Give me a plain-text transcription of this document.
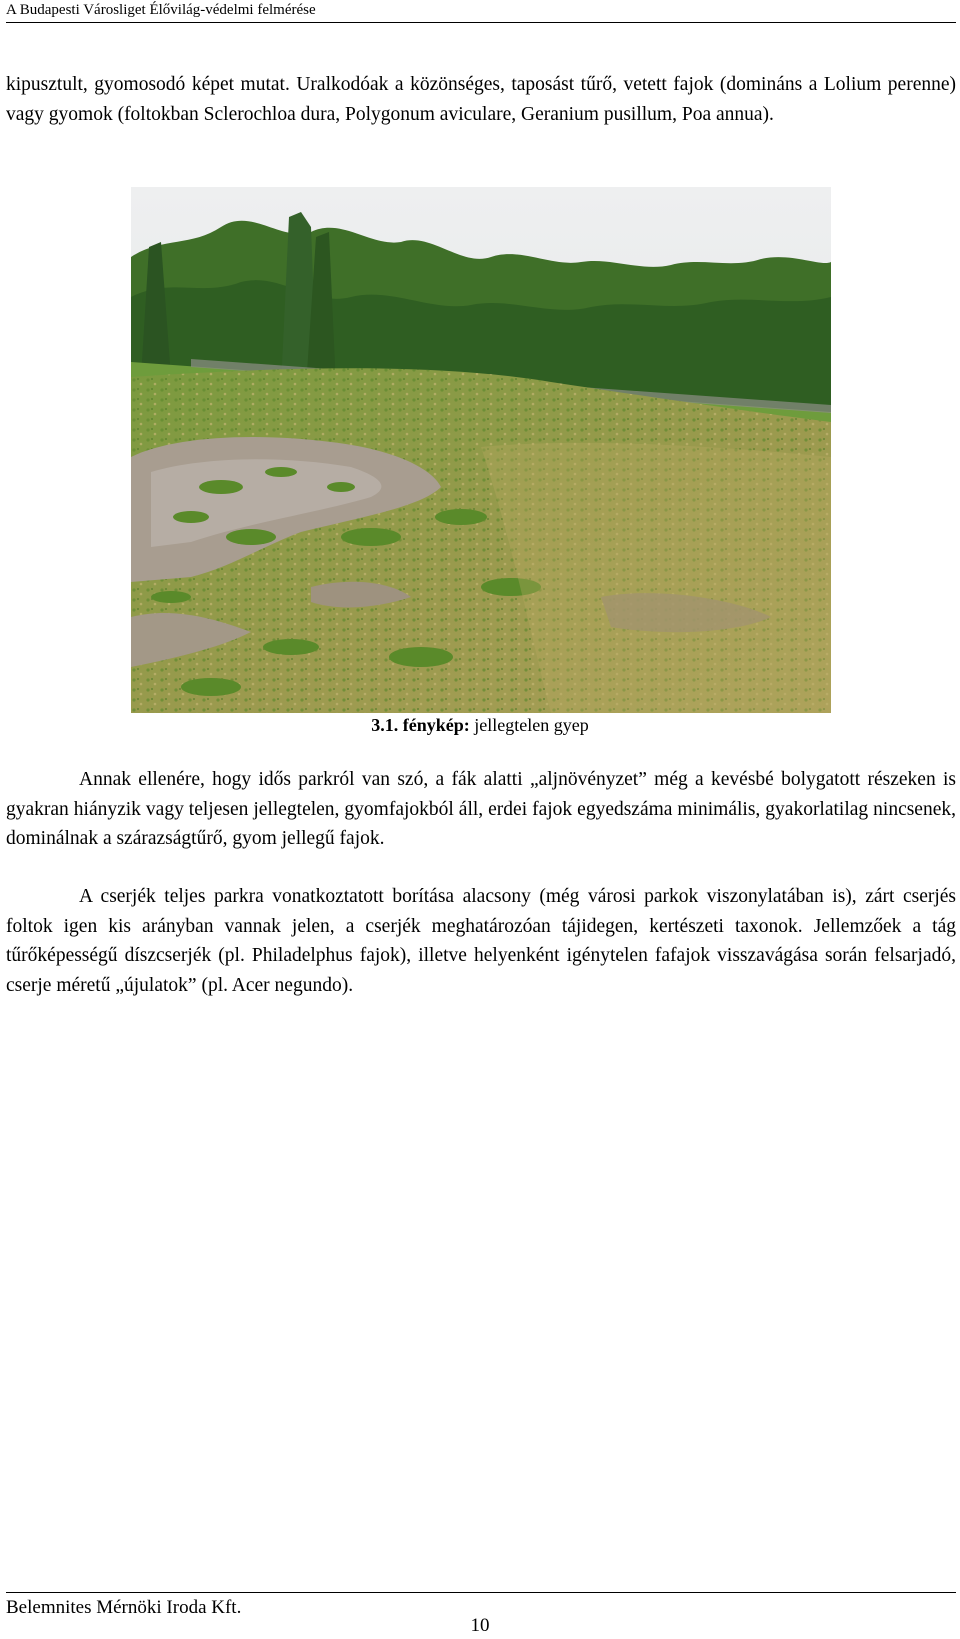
A Budapesti Városliget Élővilág-védelmi felmérése
kipusztult, gyomosodó képet mutat. Uralkodóak a közönséges, taposást tűrő, vetett fajok (domináns a Lolium perenne) vagy gyomok (foltokban Sclerochloa dura, Polygonum aviculare, Geranium pusillum, Poa annua).
3.1. fénykép: jellegtelen gyep
Annak ellenére, hogy idős parkról van szó, a fák alatti „aljnövényzet” még a kevésbé bolygatott részeken is gyakran hiányzik vagy teljesen jellegtelen, gyomfajokból áll, erdei fajok egyedszáma minimális, gyakorlatilag nincsenek, dominálnak a szárazságtűrő, gyom jellegű fajok.
A cserjék teljes parkra vonatkoztatott borítása alacsony (még városi parkok viszonylatában is), zárt cserjés foltok igen kis arányban vannak jelen, a cserjék meghatározóan tájidegen, kertészeti taxonok. Jellemzőek a tág tűrőképességű díszcserjék (pl. Philadelphus fajok), illetve helyenként igénytelen fafajok visszavágása során felsarjadó, cserje méretű „újulatok” (pl. Acer negundo).
Belemnites Mérnöki Iroda Kft.
10
